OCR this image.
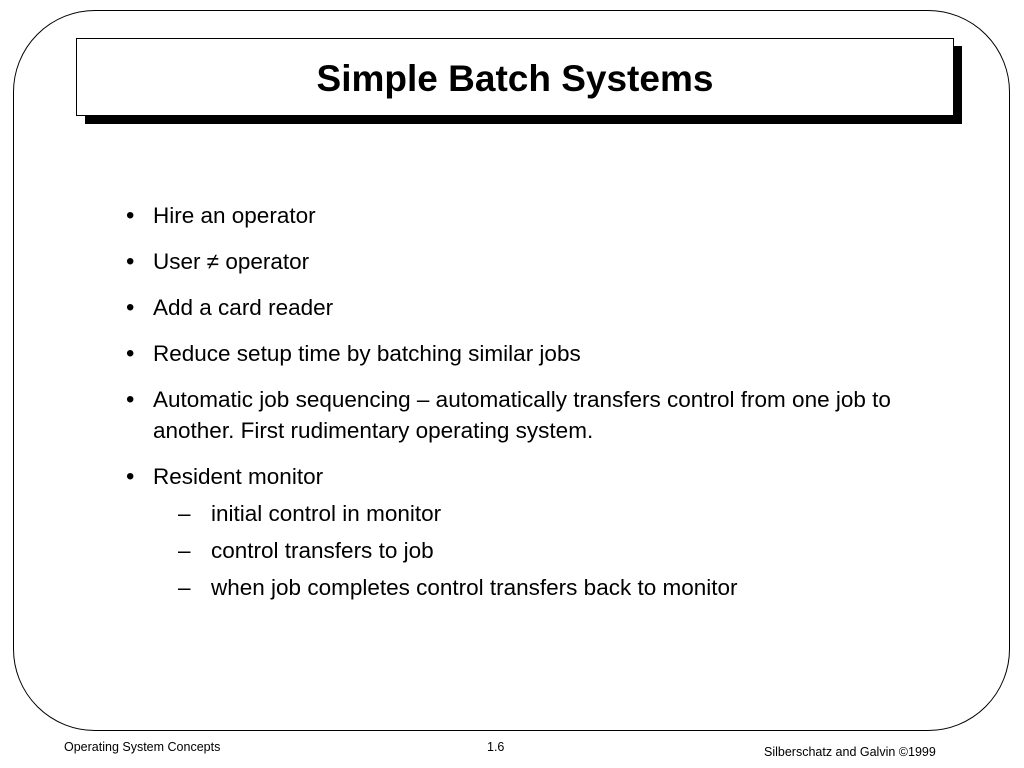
Simple Batch Systems
• Hire an operator
• User ≠ operator
• Add a card reader
• Reduce setup time by batching similar jobs
• Automatic job sequencing – automatically transfers control from one job to another. First rudimentary operating system.
• Resident monitor
– initial control in monitor
– control transfers to job
– when job completes control transfers back to monitor
Operating System Concepts	1.6	Silberschatz and Galvin ©1999
